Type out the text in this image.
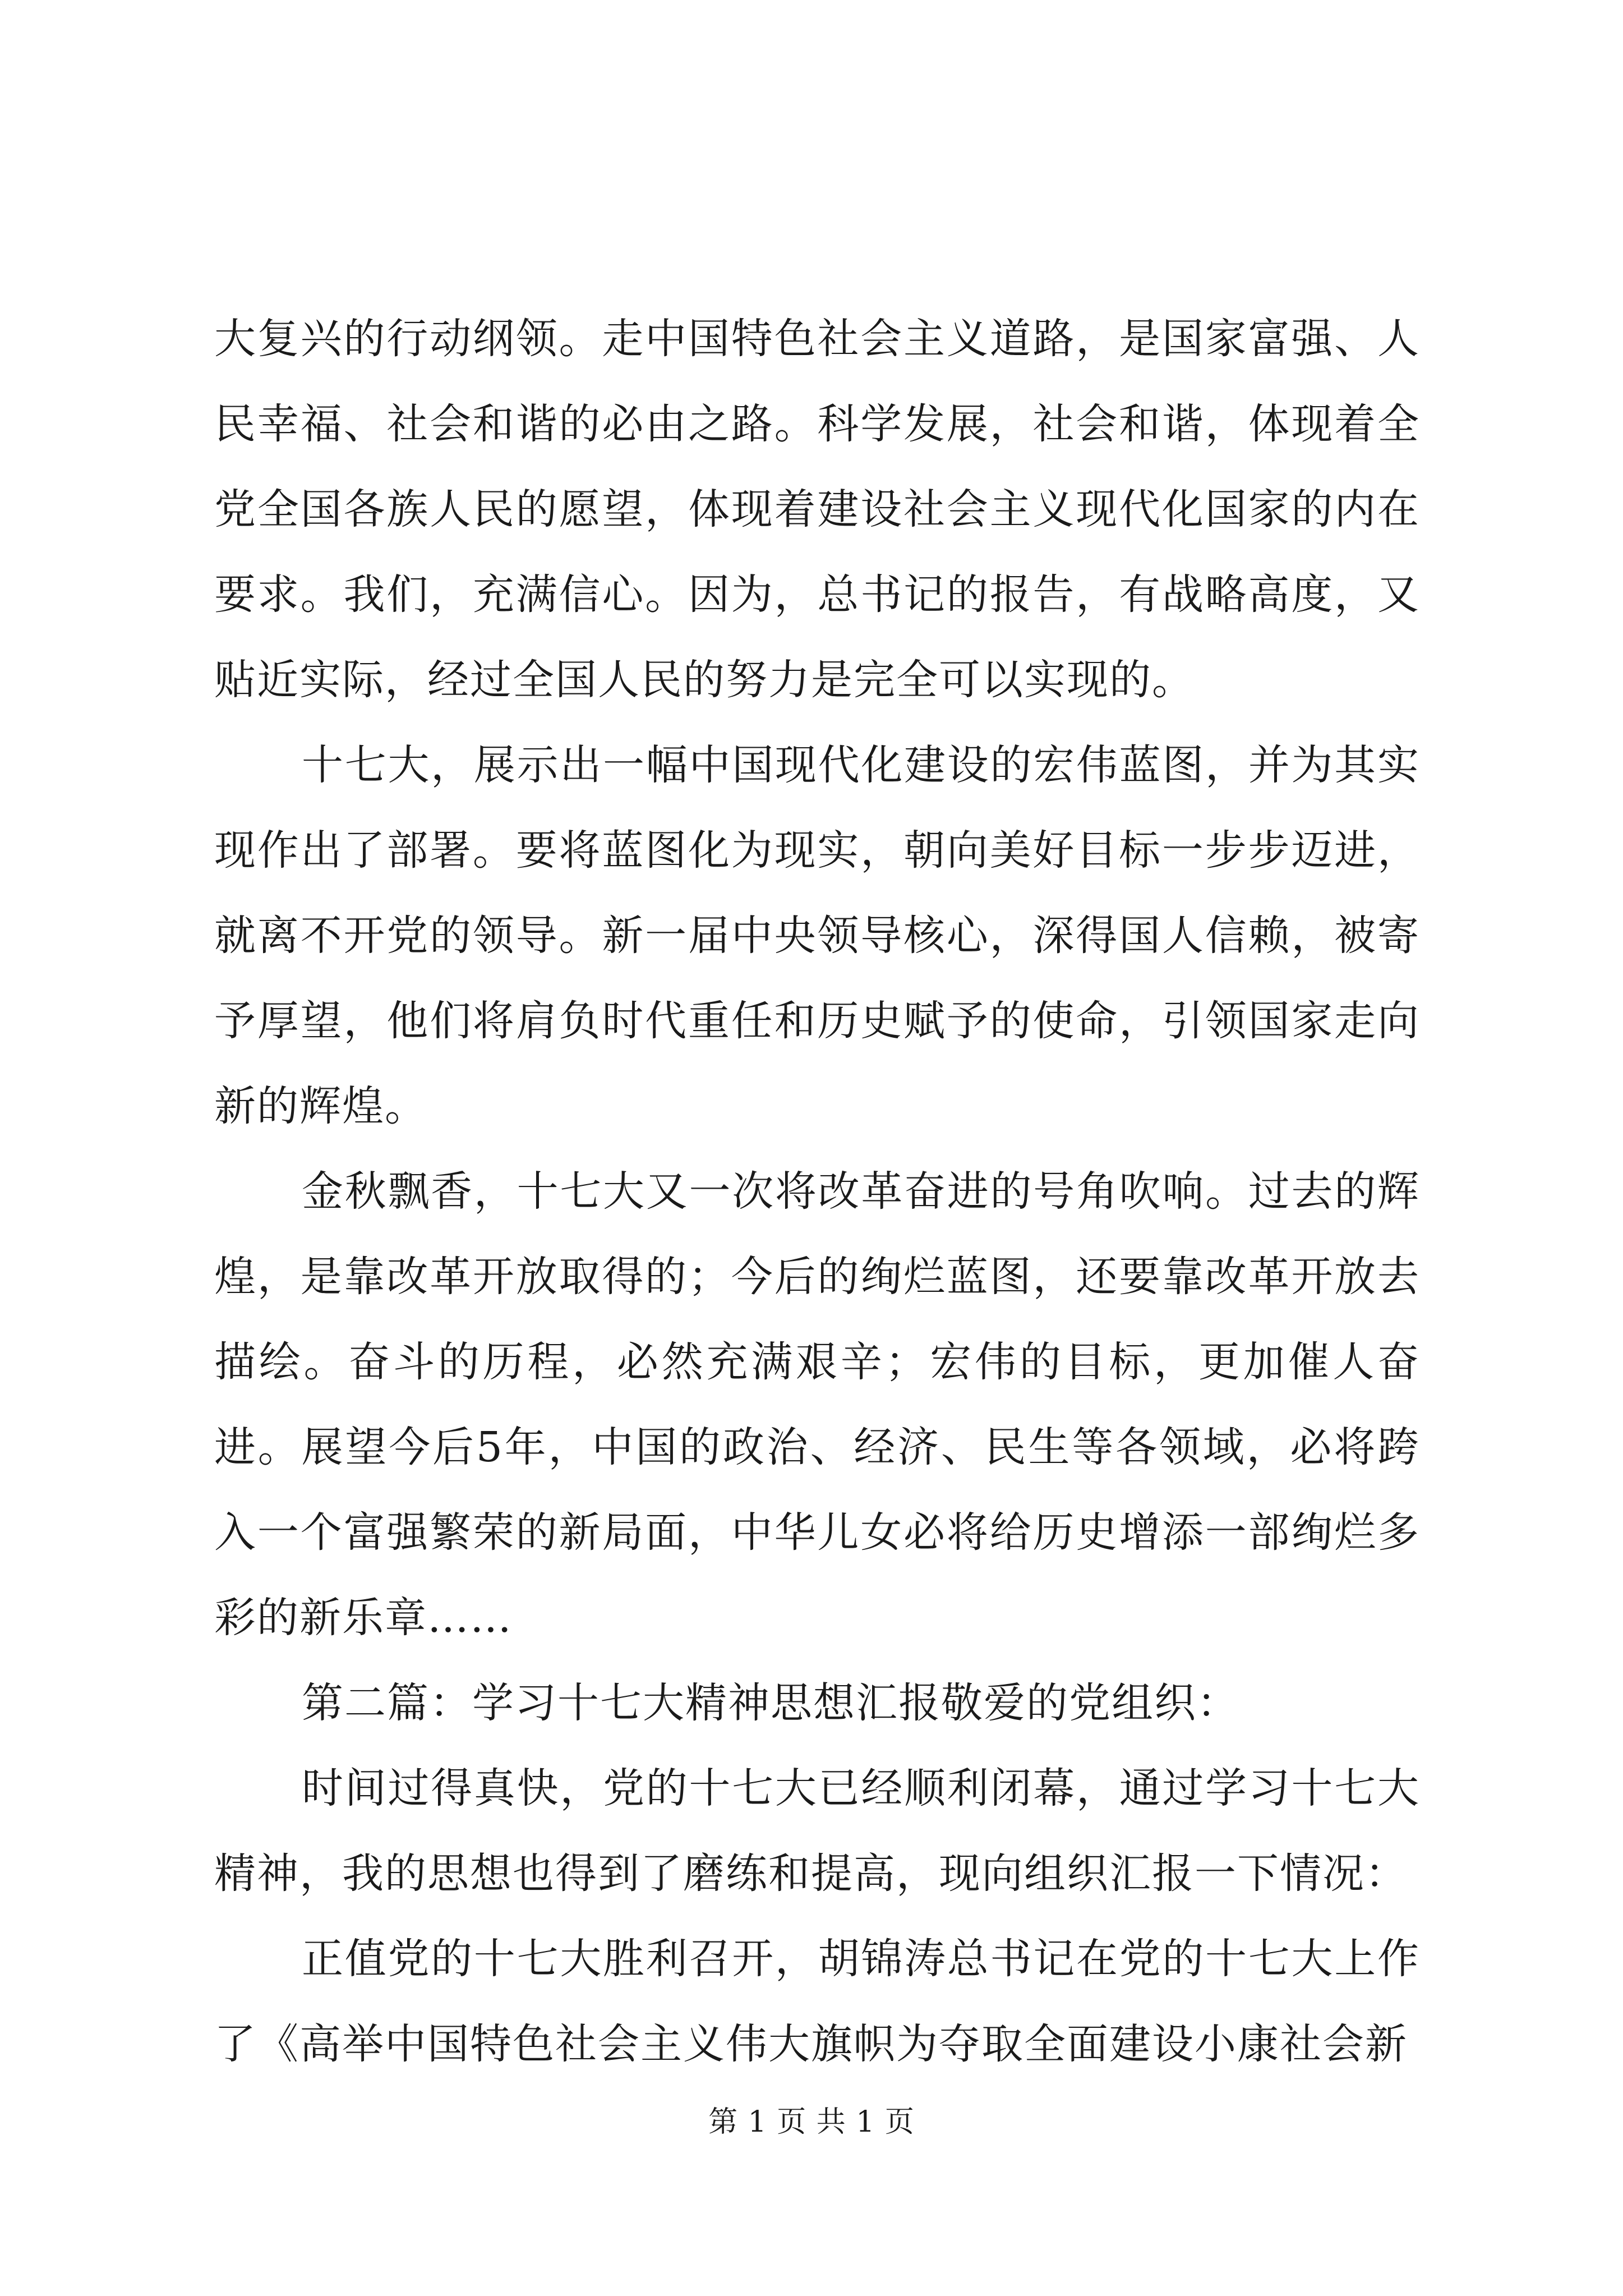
大复兴的行动纲领。走中国特色社会主义道路，是国家富强、人民幸福、社会和谐的必由之路。科学发展，社会和谐，体现着全党全国各族人民的愿望，体现着建设社会主义现代化国家的内在要求。我们，充满信心。因为，总书记的报告，有战略高度，又贴近实际，经过全国人民的努力是完全可以实现的。

十七大，展示出一幅中国现代化建设的宏伟蓝图，并为其实现作出了部署。要将蓝图化为现实，朝向美好目标一步步迈进，就离不开党的领导。新一届中央领导核心，深得国人信赖，被寄予厚望，他们将肩负时代重任和历史赋予的使命，引领国家走向新的辉煌。

金秋飘香，十七大又一次将改革奋进的号角吹响。过去的辉煌，是靠改革开放取得的；今后的绚烂蓝图，还要靠改革开放去描绘。奋斗的历程，必然充满艰辛；宏伟的目标，更加催人奋进。展望今后5年，中国的政治、经济、民生等各领域，必将跨入一个富强繁荣的新局面，中华儿女必将给历史增添一部绚烂多彩的新乐章……

第二篇：学习十七大精神思想汇报敬爱的党组织：

时间过得真快，党的十七大已经顺利闭幕，通过学习十七大精神，我的思想也得到了磨练和提高，现向组织汇报一下情况：

正值党的十七大胜利召开，胡锦涛总书记在党的十七大上作了《高举中国特色社会主义伟大旗帜为夺取全面建设小康社会新

第 1 页 共 1 页
